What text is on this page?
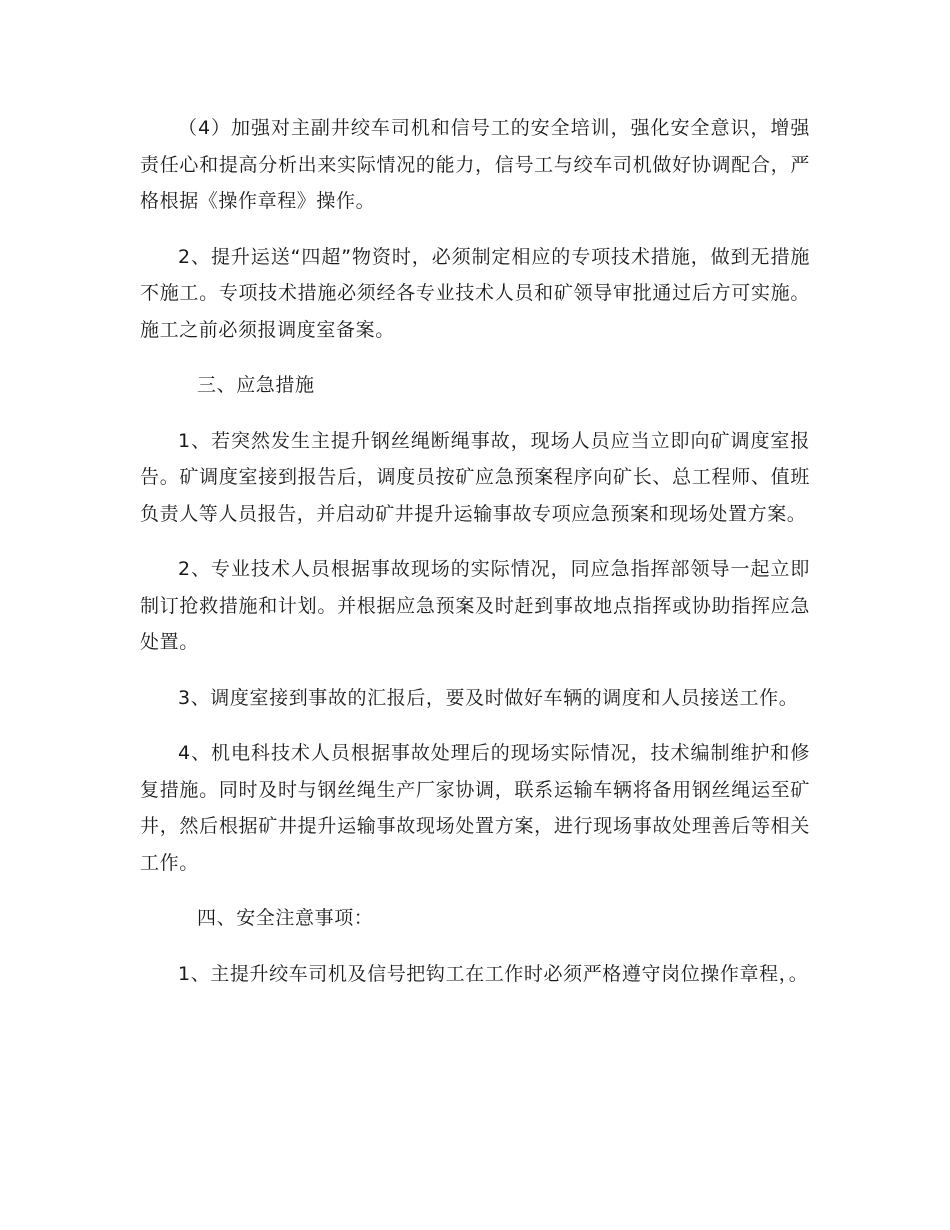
（4）加强对主副井绞车司机和信号工的安全培训，强化安全意识，增强责任心和提高分析出来实际情况的能力，信号工与绞车司机做好协调配合，严格根据《操作章程》操作。

2、提升运送“四超”物资时，必须制定相应的专项技术措施，做到无措施不施工。专项技术措施必须经各专业技术人员和矿领导审批通过后方可实施。施工之前必须报调度室备案。

三、应急措施

1、若突然发生主提升钢丝绳断绳事故，现场人员应当立即向矿调度室报告。矿调度室接到报告后，调度员按矿应急预案程序向矿长、总工程师、值班负责人等人员报告，并启动矿井提升运输事故专项应急预案和现场处置方案。

2、专业技术人员根据事故现场的实际情况，同应急指挥部领导一起立即制订抢救措施和计划。并根据应急预案及时赶到事故地点指挥或协助指挥应急处置。

3、调度室接到事故的汇报后，要及时做好车辆的调度和人员接送工作。

4、机电科技术人员根据事故处理后的现场实际情况，技术编制维护和修复措施。同时及时与钢丝绳生产厂家协调，联系运输车辆将备用钢丝绳运至矿井，然后根据矿井提升运输事故现场处置方案，进行现场事故处理善后等相关工作。

四、安全注意事项：

1、主提升绞车司机及信号把钩工在工作时必须严格遵守岗位操作章程，。
